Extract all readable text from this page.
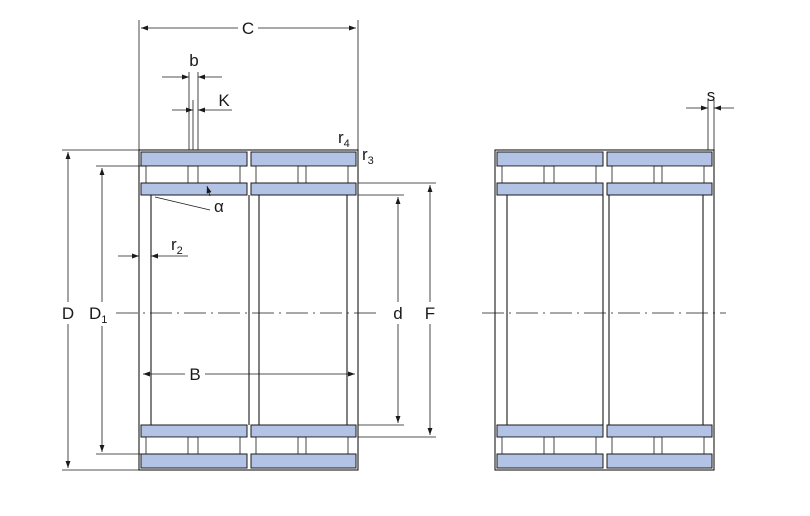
C
b
K
$r_4$
$r_3$
α
$r_2$
D $D_1$	d F
B
s
